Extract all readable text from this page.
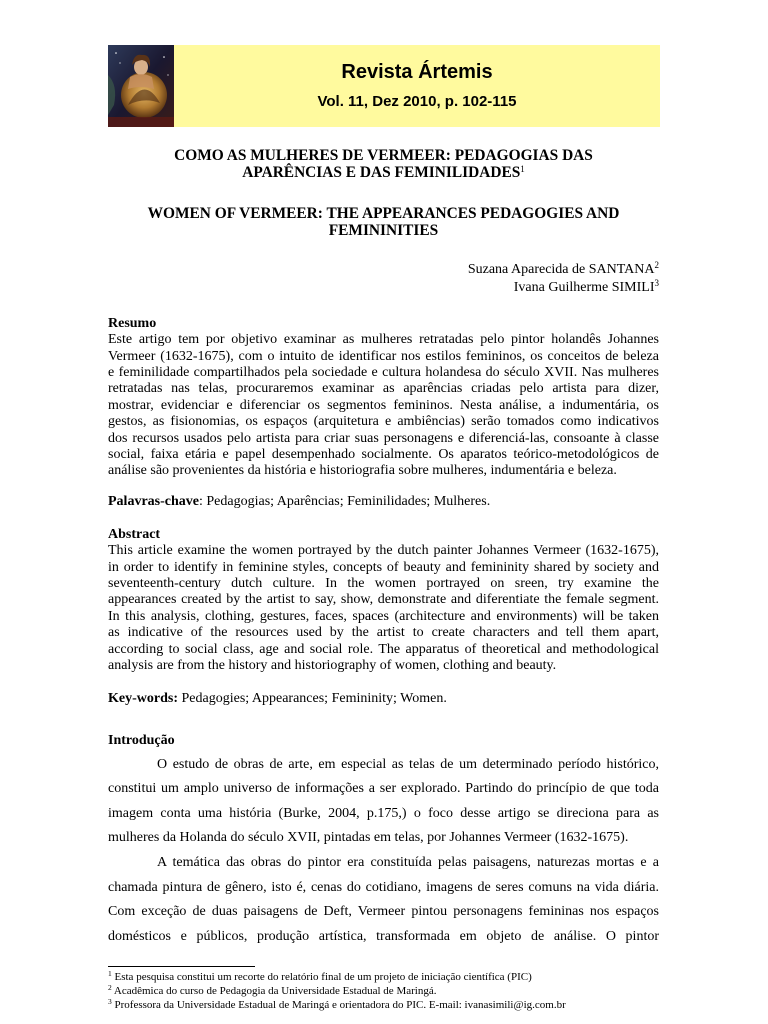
Revista Ártemis
Vol. 11, Dez 2010, p. 102-115
COMO AS MULHERES DE VERMEER: PEDAGOGIAS DAS
APARÊNCIAS E DAS FEMINILIDADES$^1$
WOMEN OF VERMEER: THE APPEARANCES PEDAGOGIES AND
FEMININITIES
Suzana Aparecida de SANTANA$^2$
Ivana Guilherme SIMILI$^3$
Resumo
Este artigo tem por objetivo examinar as mulheres retratadas pelo pintor holandês Johannes
Vermeer (1632-1675), com o intuito de identificar nos estilos femininos, os conceitos de beleza
e feminilidade compartilhados pela sociedade e cultura holandesa do século XVII. Nas mulheres
retratadas nas telas, procuraremos examinar as aparências criadas pelo artista para dizer,
mostrar, evidenciar e diferenciar os segmentos femininos. Nesta análise, a indumentária, os
gestos, as fisionomias, os espaços (arquitetura e ambiências) serão tomados como indicativos
dos recursos usados pelo artista para criar suas personagens e diferenciá-las, consoante à classe
social, faixa etária e papel desempenhado socialmente. Os aparatos teórico-metodológicos de
análise são provenientes da história e historiografia sobre mulheres, indumentária e beleza.
Palavras-chave: Pedagogias; Aparências; Feminilidades; Mulheres.
Abstract
This article examine the women portrayed by the dutch painter Johannes Vermeer (1632-1675),
in order to identify in feminine styles, concepts of beauty and femininity shared by society and
seventeenth-century dutch culture. In the women portrayed on sreen, try examine the
appearances created by the artist to say, show, demonstrate and diferentiate the female segment.
In this analysis, clothing, gestures, faces, spaces (architecture and environments) will be taken
as indicative of the resources used by the artist to create characters and tell them apart,
according to social class, age and social role. The apparatus of theoretical and methodological
analysis are from the history and historiography of women, clothing and beauty.
Key-words: Pedagogies; Appearances; Femininity; Women.
Introdução
O estudo de obras de arte, em especial as telas de um determinado período histórico,
constitui um amplo universo de informações a ser explorado. Partindo do princípio de que toda
imagem conta uma história (Burke, 2004, p.175,) o foco desse artigo se direciona para as
mulheres da Holanda do século XVII, pintadas em telas, por Johannes Vermeer (1632-1675).
A temática das obras do pintor era constituída pelas paisagens, naturezas mortas e a
chamada pintura de gênero, isto é, cenas do cotidiano, imagens de seres comuns na vida diária.
Com exceção de duas paisagens de Deft, Vermeer pintou personagens femininas nos espaços
domésticos e públicos, produção artística, transformada em objeto de análise. O pintor
$^1$ Esta pesquisa constitui um recorte do relatório final de um projeto de iniciação científica (PIC)
$^2$ Acadêmica do curso de Pedagogia da Universidade Estadual de Maringá.
$^3$ Professora da Universidade Estadual de Maringá e orientadora do PIC. E-mail: ivanasimili@ig.com.br
